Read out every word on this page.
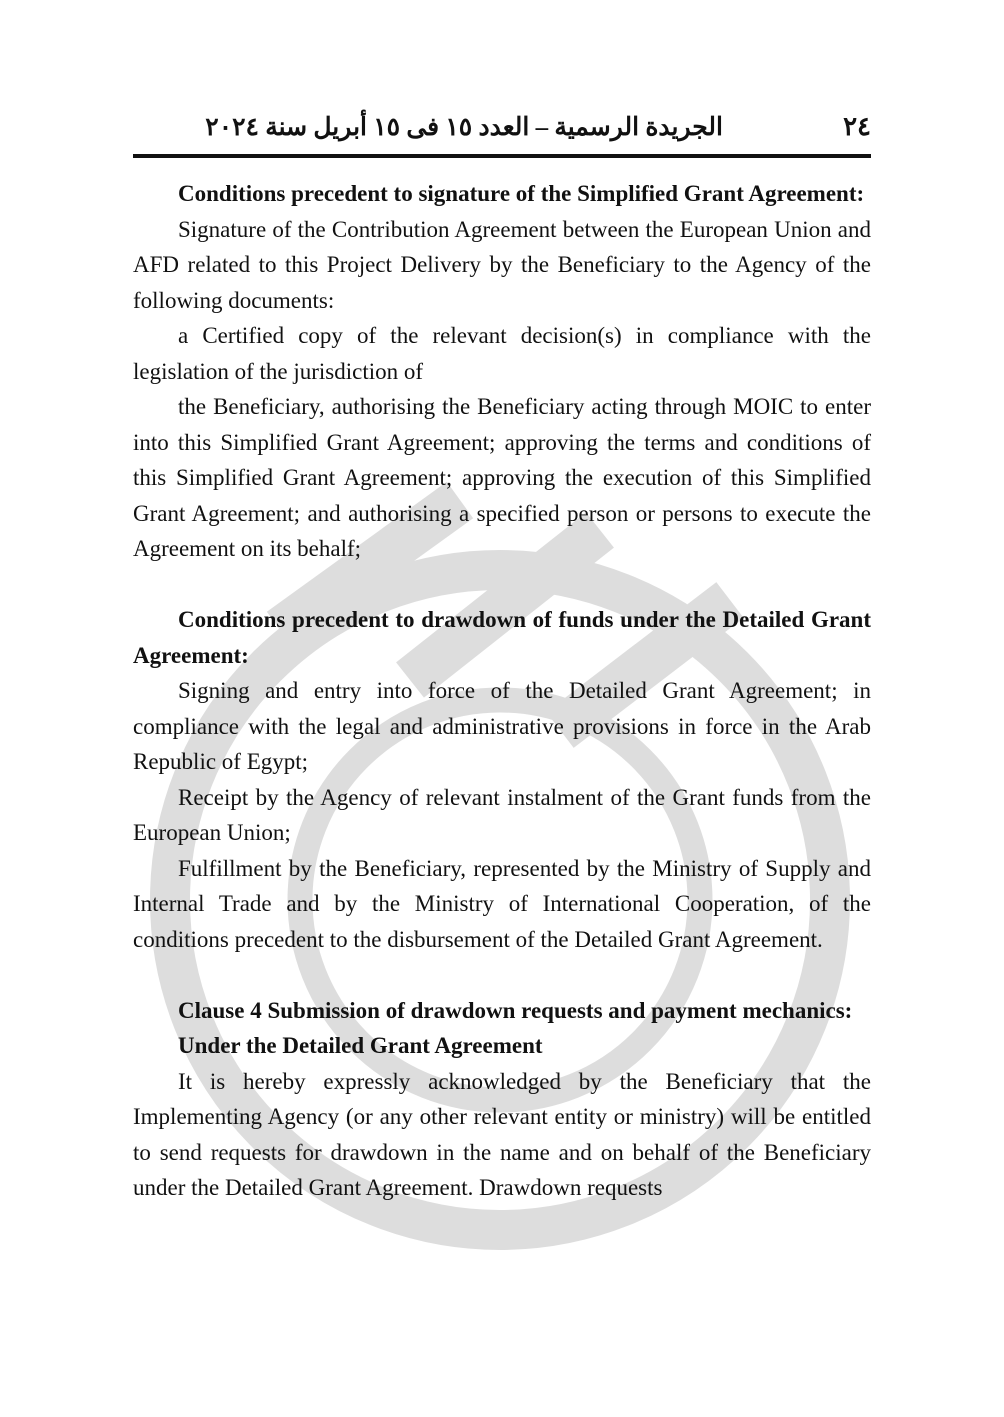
٢٤
الجريدة الرسمية – العدد ١٥ فى ١٥ أبريل سنة ٢٠٢٤

Conditions precedent to signature of the Simplified Grant Agreement:

Signature of the Contribution Agreement between the European Union and AFD related to this Project Delivery by the Beneficiary to the Agency of the following documents:

a Certified copy of the relevant decision(s) in compliance with the legislation of the jurisdiction of

the Beneficiary, authorising the Beneficiary acting through MOIC to enter into this Simplified Grant Agreement; approving the terms and conditions of this Simplified Grant Agreement; approving the execution of this Simplified Grant Agreement; and authorising a specified person or persons to execute the Agreement on its behalf;

Conditions precedent to drawdown of funds under the Detailed Grant Agreement:

Signing and entry into force of the Detailed Grant Agreement; in compliance with the legal and administrative provisions in force in the Arab Republic of Egypt;

Receipt by the Agency of relevant instalment of the Grant funds from the European Union;

Fulfillment by the Beneficiary, represented by the Ministry of Supply and Internal Trade and by the Ministry of International Cooperation, of the conditions precedent to the disbursement of the Detailed Grant Agreement.

Clause 4 Submission of drawdown requests and payment mechanics:

Under the Detailed Grant Agreement

It is hereby expressly acknowledged by the Beneficiary that the Implementing Agency (or any other relevant entity or ministry) will be entitled to send requests for drawdown in the name and on behalf of the Beneficiary under the Detailed Grant Agreement. Drawdown requests
